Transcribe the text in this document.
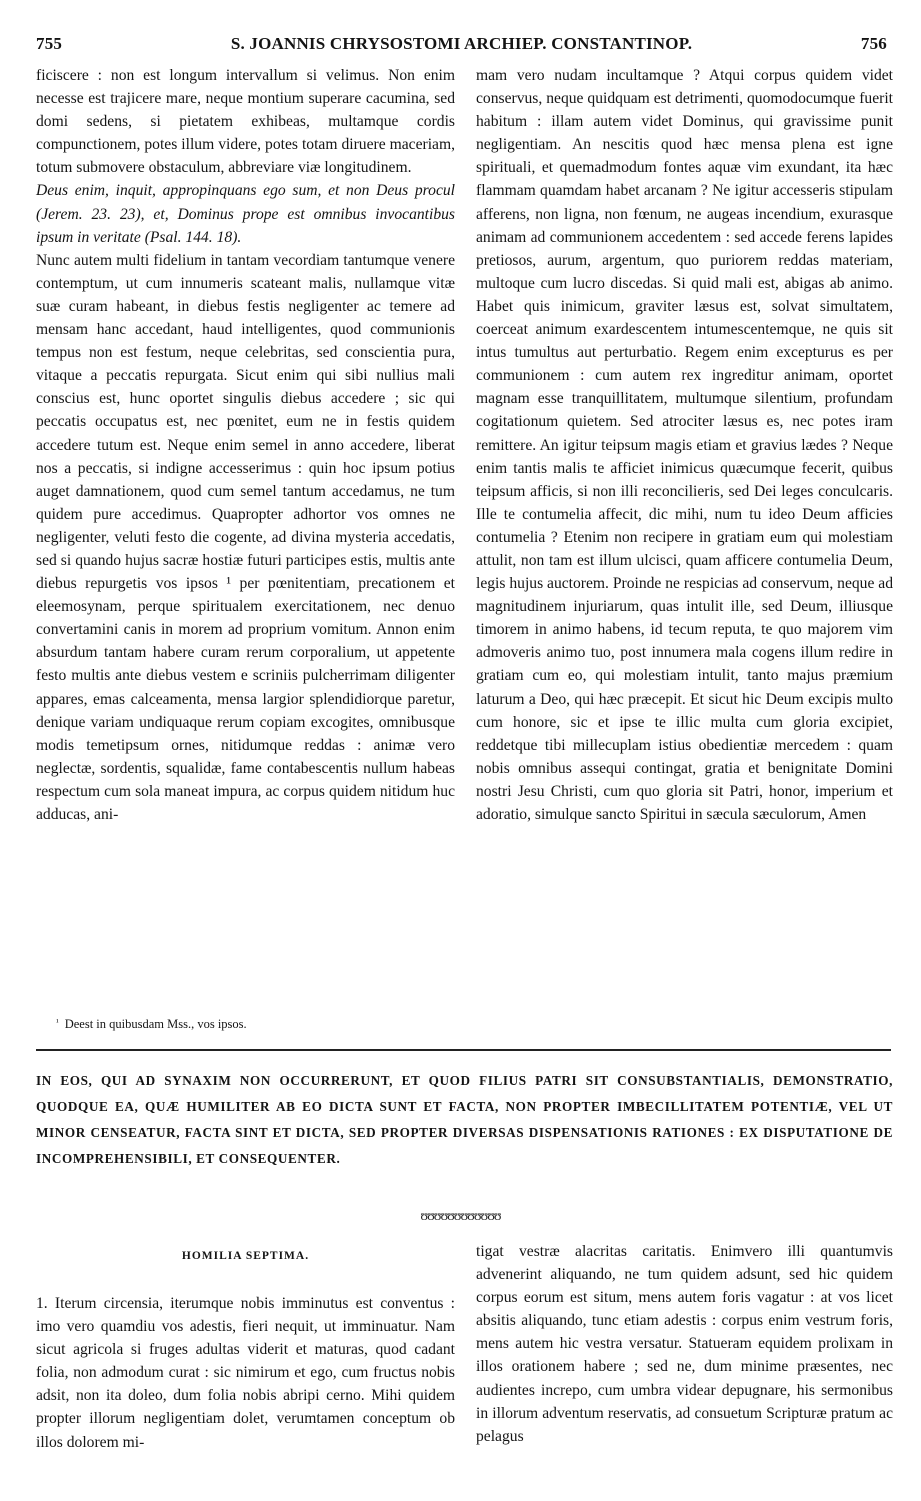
755	S. JOANNIS CHRYSOSTOMI ARCHIEP. CONSTANTINOP.	756

ficiscere : non est longum intervallum si velimus. Non enim necesse est trajicere mare, neque montium superare cacumina, sed domi sedens, si pietatem exhibeas, multamque cordis compunctionem, potes illum videre, potes totam diruere maceriam, totum submovere obstaculum, abbreviare viæ longitudinem.

Deus enim, inquit, appropinquans ego sum, et non Deus procul (Jerem. 23. 23), et, Dominus prope est omnibus invocantibus ipsum in veritate (Psal. 144. 18).

Nunc autem multi fidelium in tantam vecordiam tantumque venere contemptum, ut cum innumeris scateant malis, nullamque vitæ suæ curam habeant, in diebus festis negligenter ac temere ad mensam hanc accedant, haud intelligentes, quod communionis tempus non est festum, neque celebritas, sed conscientia pura, vitaque a peccatis repurgata. Sicut enim qui sibi nullius mali conscius est, hunc oportet singulis diebus accedere ; sic qui peccatis occupatus est, nec pœnitet, eum ne in festis quidem accedere tutum est. Neque enim semel in anno accedere, liberat nos a peccatis, si indigne accesserimus : quin hoc ipsum potius auget damnationem, quod cum semel tantum accedamus, ne tum quidem pure accedimus. Quapropter adhortor vos omnes ne negligenter, veluti festo die cogente, ad divina mysteria accedatis, sed si quando hujus sacræ hostiæ futuri participes estis, multis ante diebus repurgetis vos ipsos ¹ per pœnitentiam, precationem et eleemosynam, perque spiritualem exercitationem, nec denuo convertamini canis in morem ad proprium vomitum. Annon enim absurdum tantam habere curam rerum corporalium, ut appetente festo multis ante diebus vestem e scriniis pulcherrimam diligenter appares, emas calceamenta, mensa largior splendidiorque paretur, denique variam undiquaque rerum copiam excogites, omnibusque modis temetipsum ornes, nitidumque reddas : animæ vero neglectæ, sordentis, squalidæ, fame contabescentis nullum habeas respectum cum sola maneat impura, ac corpus quidem nitidum huc adducas, ani-

mam vero nudam incultamque ? Atqui corpus quidem videt conservus, neque quidquam est detrimenti, quomodocumque fuerit habitum : illam autem videt Dominus, qui gravissime punit negligentiam. An nescitis quod hæc mensa plena est igne spirituali, et quemadmodum fontes aquæ vim exundant, ita hæc flammam quamdam habet arcanam ? Ne igitur accesseris stipulam afferens, non ligna, non fœnum, ne augeas incendium, exurasque animam ad communionem accedentem : sed accede ferens lapides pretiosos, aurum, argentum, quo puriorem reddas materiam, multoque cum lucro discedas. Si quid mali est, abigas ab animo. Habet quis inimicum, graviter læsus est, solvat simultatem, coerceat animum exardescentem intumescentemque, ne quis sit intus tumultus aut perturbatio. Regem enim excepturus es per communionem : cum autem rex ingreditur animam, oportet magnam esse tranquillitatem, multumque silentium, profundam cogitationum quietem. Sed atrociter læsus es, nec potes iram remittere. An igitur teipsum magis etiam et gravius lædes ? Neque enim tantis malis te afficiet inimicus quæcumque fecerit, quibus teipsum afficis, si non illi reconcilieris, sed Dei leges conculcaris. Ille te contumelia affecit, dic mihi, num tu ideo Deum afficies contumelia ? Etenim non recipere in gratiam eum qui molestiam attulit, non tam est illum ulcisci, quam afficere contumelia Deum, legis hujus auctorem. Proinde ne respicias ad conservum, neque ad magnitudinem injuriarum, quas intulit ille, sed Deum, illiusque timorem in animo habens, id tecum reputa, te quo majorem vim admoveris animo tuo, post innumera mala cogens illum redire in gratiam cum eo, qui molestiam intulit, tanto majus præmium laturum a Deo, qui hæc præcepit. Et sicut hic Deum excipis multo cum honore, sic et ipse te illic multa cum gloria excipiet, reddetque tibi millecuplam istius obedientiæ mercedem : quam nobis omnibus assequi contingat, gratia et benignitate Domini nostri Jesu Christi, cum quo gloria sit Patri, honor, imperium et adoratio, simulque sancto Spiritui in sæcula sæculorum, Amen

$^{^1}$ Deest in quibusdam Mss., vos ipsos.
IN EOS, QUI AD SYNAXIM NON OCCURRERUNT, ET QUOD FILIUS PATRI SIT CONSUBSTANTIALIS, DEMONSTRATIO, QUODQUE EA, QUÆ HUMILITER AB EO DICTA SUNT ET FACTA, NON PROPTER IMBECILLITATEM POTENTIÆ, VEL UT MINOR CENSEATUR, FACTA SINT ET DICTA, SED PROPTER DIVERSAS DISPENSATIONIS RATIONES : EX DISPUTATIONE DE INCOMPREHENSIBILI, ET CONSEQUENTER.
ʊʊʊʊʊʊʊʊʊʊʊʊ
HOMILIA SEPTIMA.

1. Iterum circensia, iterumque nobis imminutus est conventus : imo vero quamdiu vos adestis, fieri nequit, ut imminuatur. Nam sicut agricola si fruges adultas viderit et maturas, quod cadant folia, non admodum curat : sic nimirum et ego, cum fructus nobis adsit, non ita doleo, dum folia nobis abripi cerno. Mihi quidem propter illorum negligentiam dolet, verumtamen conceptum ob illos dolorem mi-

tigat vestræ alacritas caritatis. Enimvero illi quantumvis advenerint aliquando, ne tum quidem adsunt, sed hic quidem corpus eorum est situm, mens autem foris vagatur : at vos licet absitis aliquando, tunc etiam adestis : corpus enim vestrum foris, mens autem hic vestra versatur. Statueram equidem prolixam in illos orationem habere ; sed ne, dum minime præsentes, nec audientes increpo, cum umbra videar depugnare, his sermonibus in illorum adventum reservatis, ad consuetum Scripturæ pratum ac pelagus
